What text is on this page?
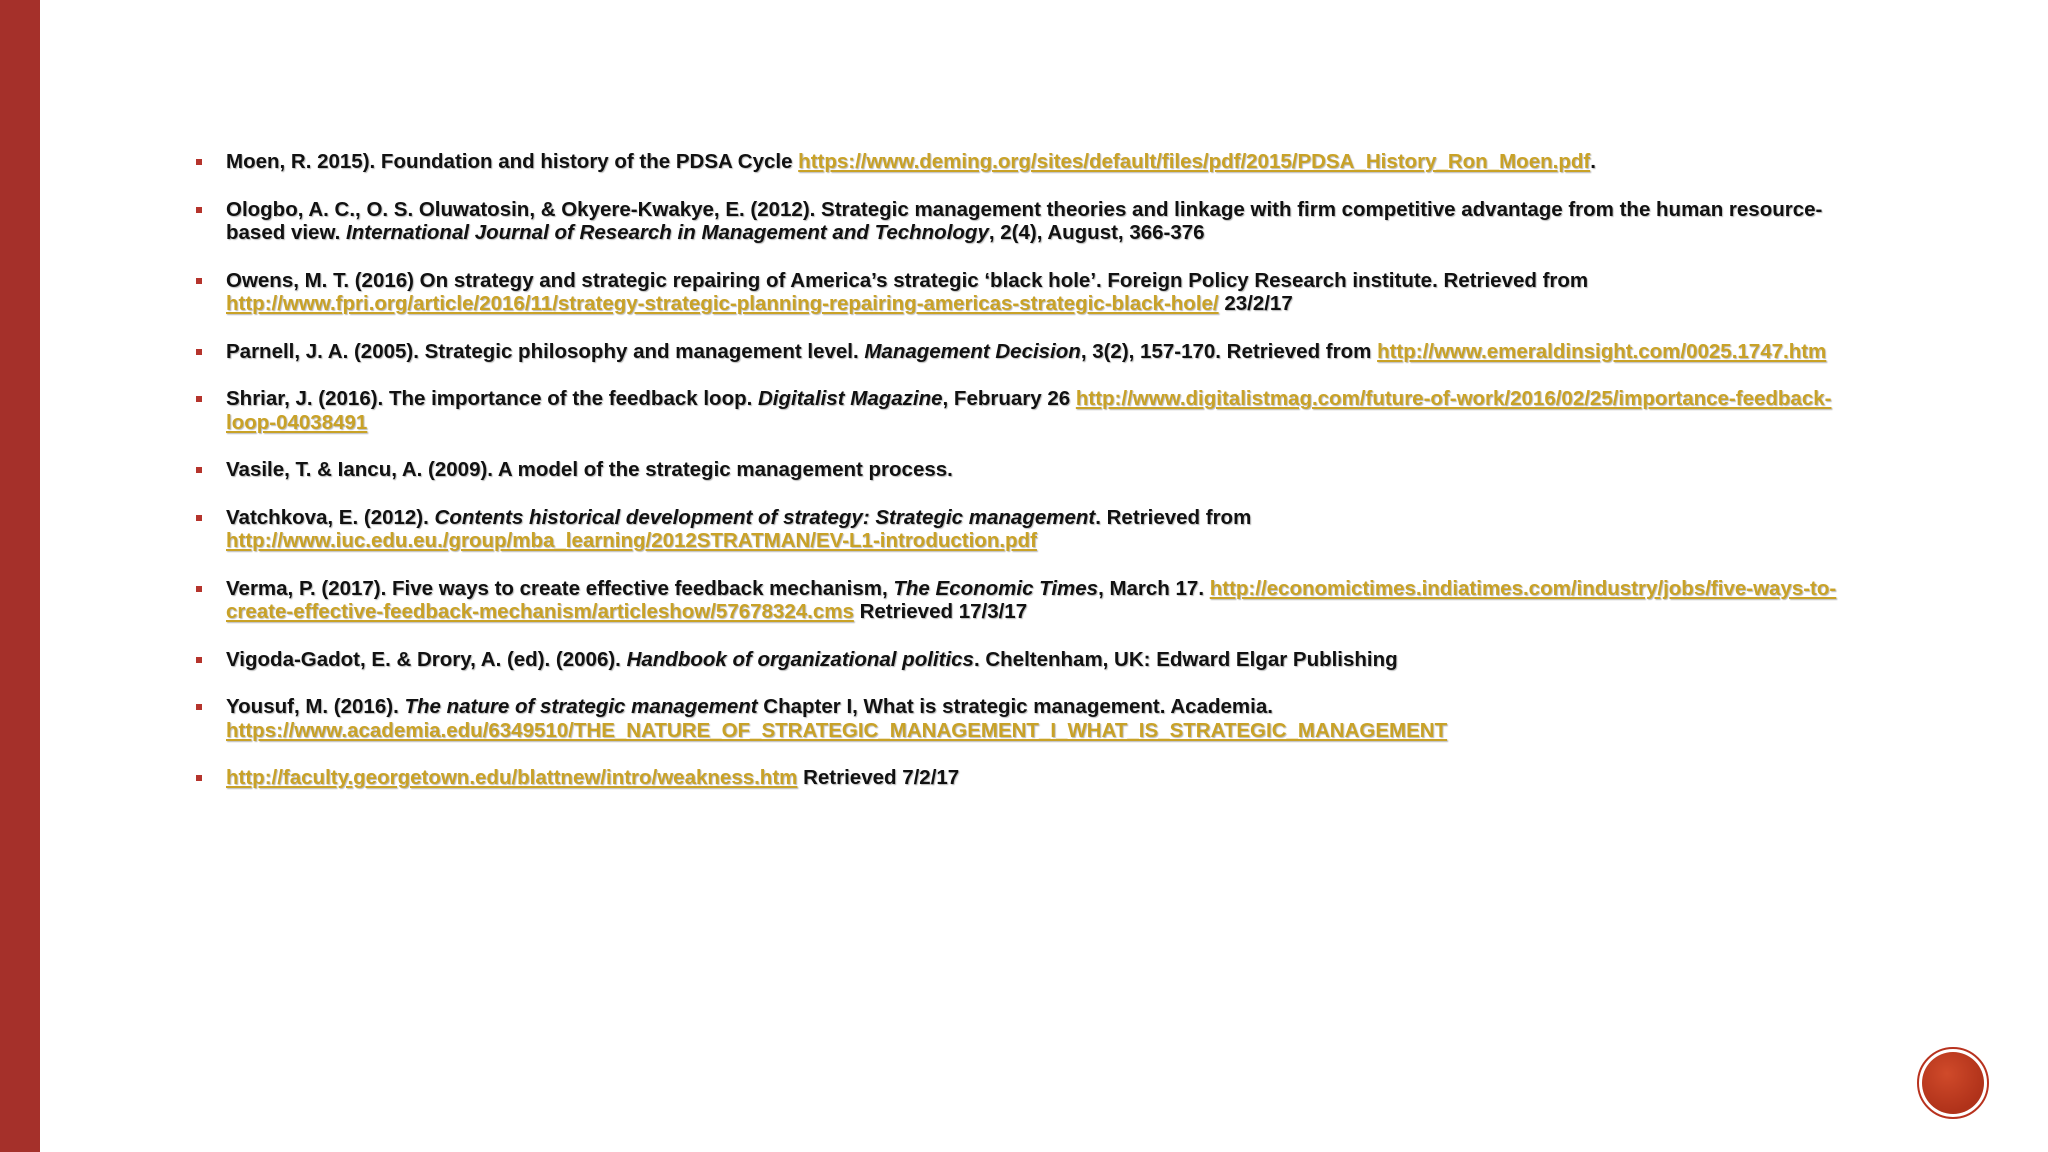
Moen, R. 2015). Foundation and history of the PDSA Cycle https://www.deming.org/sites/default/files/pdf/2015/PDSA_History_Ron_Moen.pdf.
Ologbo, A. C., O. S. Oluwatosin, & Okyere-Kwakye, E. (2012). Strategic management theories and linkage with firm competitive advantage from the human resource-based view. International Journal of Research in Management and Technology, 2(4), August, 366-376
Owens, M. T. (2016) On strategy and strategic repairing of America’s strategic ‘black hole’. Foreign Policy Research institute. Retrieved from http://www.fpri.org/article/2016/11/strategy-strategic-planning-repairing-americas-strategic-black-hole/ 23/2/17
Parnell, J. A. (2005). Strategic philosophy and management level. Management Decision, 3(2), 157-170. Retrieved from http://www.emeraldinsight.com/0025.1747.htm
Shriar, J. (2016). The importance of the feedback loop. Digitalist Magazine, February 26 http://www.digitalistmag.com/future-of-work/2016/02/25/importance-feedback-loop-04038491
Vasile, T. & Iancu, A. (2009). A model of the strategic management process.
Vatchkova, E. (2012). Contents historical development of strategy: Strategic management. Retrieved from http://www.iuc.edu.eu./group/mba_learning/2012STRATMAN/EV-L1-introduction.pdf
Verma, P. (2017). Five ways to create effective feedback mechanism, The Economic Times, March 17. http://economictimes.indiatimes.com/industry/jobs/five-ways-to-create-effective-feedback-mechanism/articleshow/57678324.cms Retrieved 17/3/17
Vigoda-Gadot, E. & Drory, A. (ed). (2006). Handbook of organizational politics. Cheltenham, UK: Edward Elgar Publishing
Yousuf, M. (2016). The nature of strategic management Chapter I, What is strategic management. Academia. https://www.academia.edu/6349510/THE_NATURE_OF_STRATEGIC_MANAGEMENT_I_WHAT_IS_STRATEGIC_MANAGEMENT
http://faculty.georgetown.edu/blattnew/intro/weakness.htm Retrieved 7/2/17
